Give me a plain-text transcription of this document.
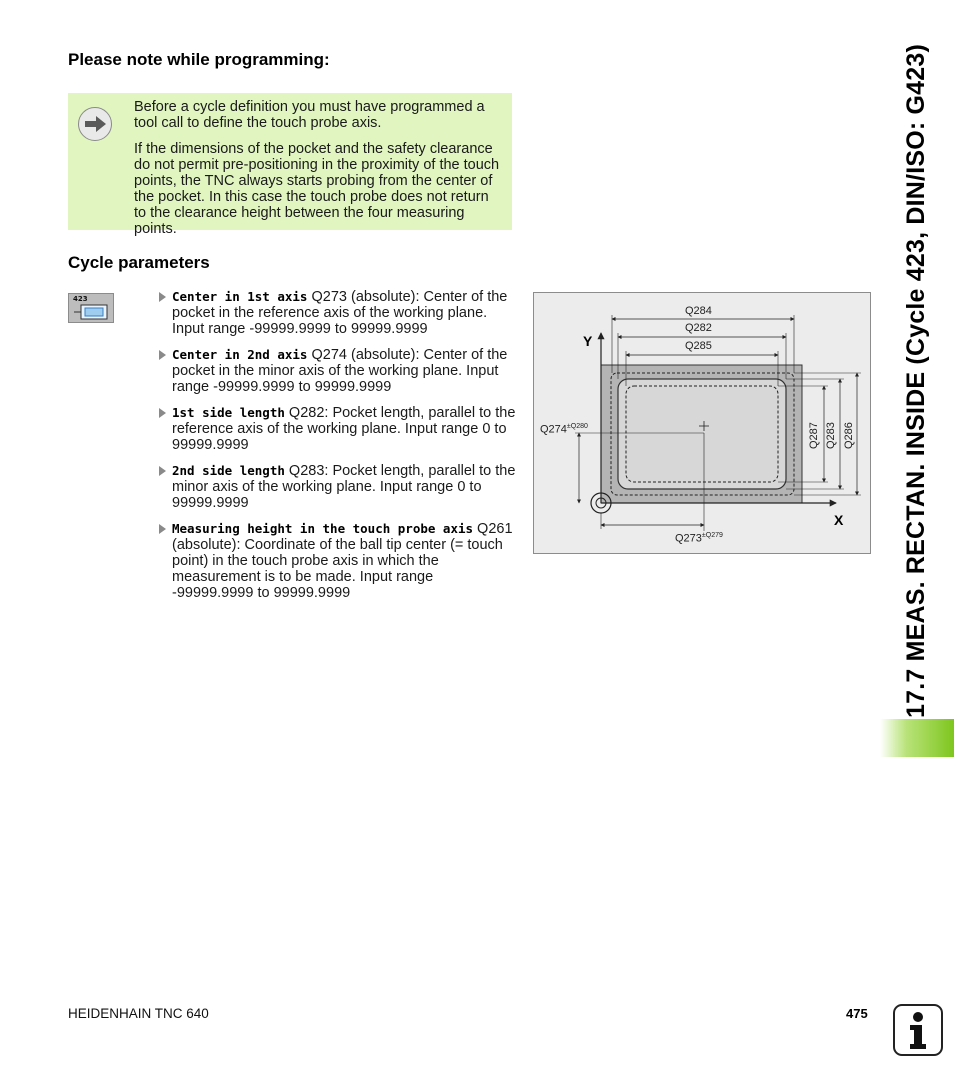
Please note while programming:

Before a cycle definition you must have programmed a tool call to define the touch probe axis.

If the dimensions of the pocket and the safety clearance do not permit pre-positioning in the proximity of the touch points, the TNC always starts probing from the center of the pocket. In this case the touch probe does not return to the clearance height between the four measuring points.

Cycle parameters
423	Center in 1st axis Q273 (absolute): Center of the pocket in the reference axis of the working plane. Input range -99999.9999 to 99999.9999
Center in 2nd axis Q274 (absolute): Center of the pocket in the minor axis of the working plane. Input range -99999.9999 to 99999.9999
1st side length Q282: Pocket length, parallel to the reference axis of the working plane. Input range 0 to 99999.9999
2nd side length Q283: Pocket length, parallel to the minor axis of the working plane. Input range 0 to 99999.9999
Measuring height in the touch probe axis Q261 (absolute): Coordinate of the ball tip center (= touch point) in the touch probe axis in which the measurement is to be made. Input range -99999.9999 to 99999.9999
Q284
Q282
Q285
Y
X
$Q274^{\pm Q280}$
$Q273^{\pm Q279}$
Q287 Q283 Q286	17.7 MEAS. RECTAN. INSIDE (Cycle 423, DIN/ISO: G423)
HEIDENHAIN TNC 640	475
